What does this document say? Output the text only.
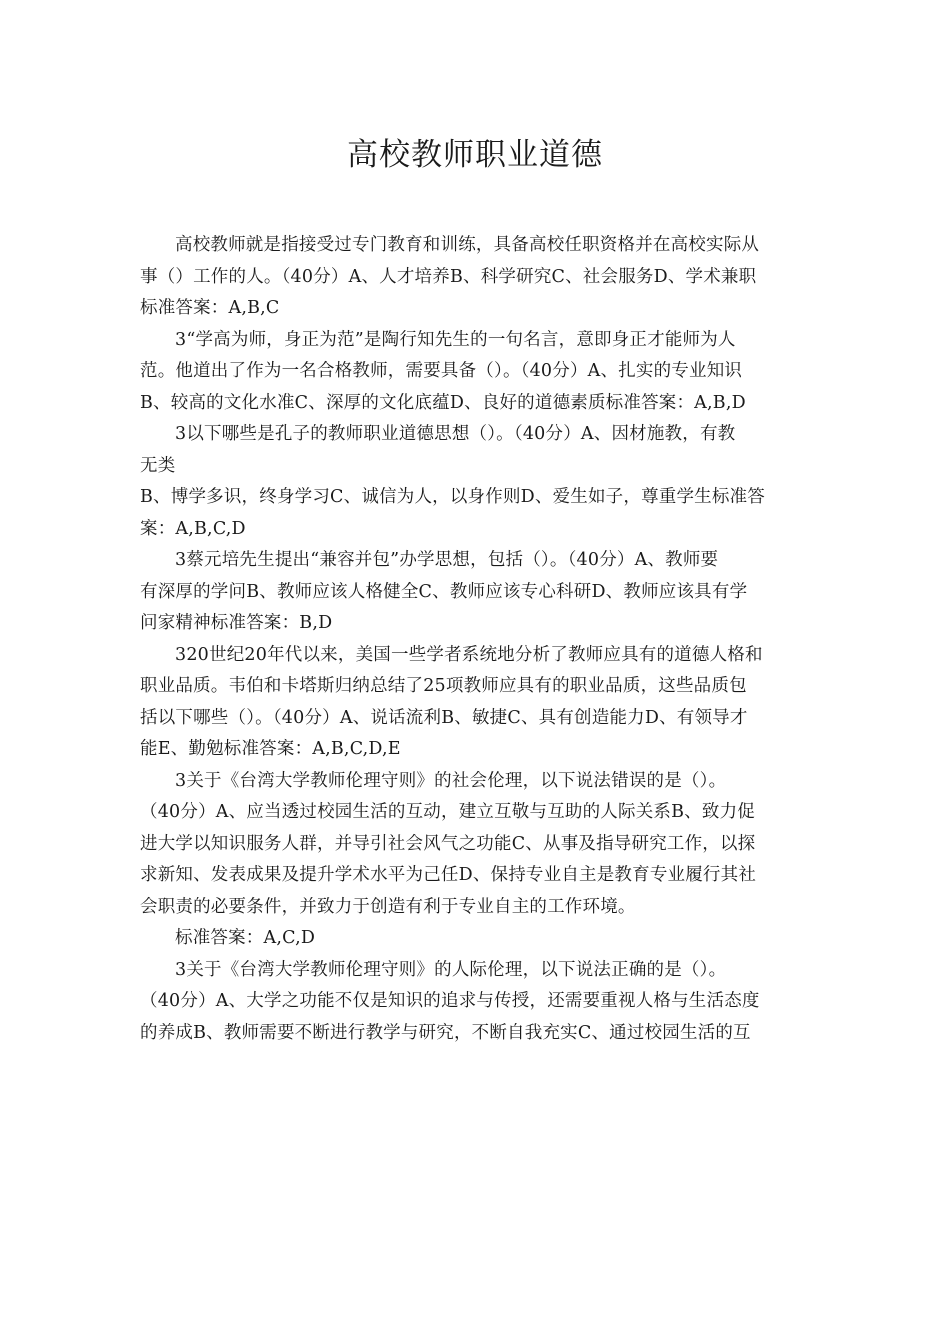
高校教师职业道德

高校教师就是指接受过专门教育和训练，具备高校任职资格并在高校实际从
事（）工作的人。（40分）A、人才培养B、科学研究C、社会服务D、学术兼职
标准答案：A,B,C

3“学高为师，身正为范”是陶行知先生的一句名言，意即身正才能师为人
范。他道出了作为一名合格教师，需要具备（）。（40分）A、扎实的专业知识
B、较高的文化水准C、深厚的文化底蕴D、良好的道德素质标准答案：A,B,D

3以下哪些是孔子的教师职业道德思想（）。（40分）A、因材施教，有教
无类

B、博学多识，终身学习C、诚信为人，以身作则D、爱生如子，尊重学生标准答
案：A,B,C,D

3蔡元培先生提出“兼容并包”办学思想，包括（）。（40分）A、教师要
有深厚的学问B、教师应该人格健全C、教师应该专心科研D、教师应该具有学
问家精神标准答案：B,D

320世纪20年代以来，美国一些学者系统地分析了教师应具有的道德人格和
职业品质。韦伯和卡塔斯归纳总结了25项教师应具有的职业品质，这些品质包
括以下哪些（）。（40分）A、说话流利B、敏捷C、具有创造能力D、有领导才
能E、勤勉标准答案：A,B,C,D,E

3关于《台湾大学教师伦理守则》的社会伦理，以下说法错误的是（）。
（40分）A、应当透过校园生活的互动，建立互敬与互助的人际关系B、致力促
进大学以知识服务人群，并导引社会风气之功能C、从事及指导研究工作，以探
求新知、发表成果及提升学术水平为己任D、保持专业自主是教育专业履行其社
会职责的必要条件，并致力于创造有利于专业自主的工作环境。

标准答案：A,C,D

3关于《台湾大学教师伦理守则》的人际伦理，以下说法正确的是（）。
（40分）A、大学之功能不仅是知识的追求与传授，还需要重视人格与生活态度
的养成B、教师需要不断进行教学与研究，不断自我充实C、通过校园生活的互
